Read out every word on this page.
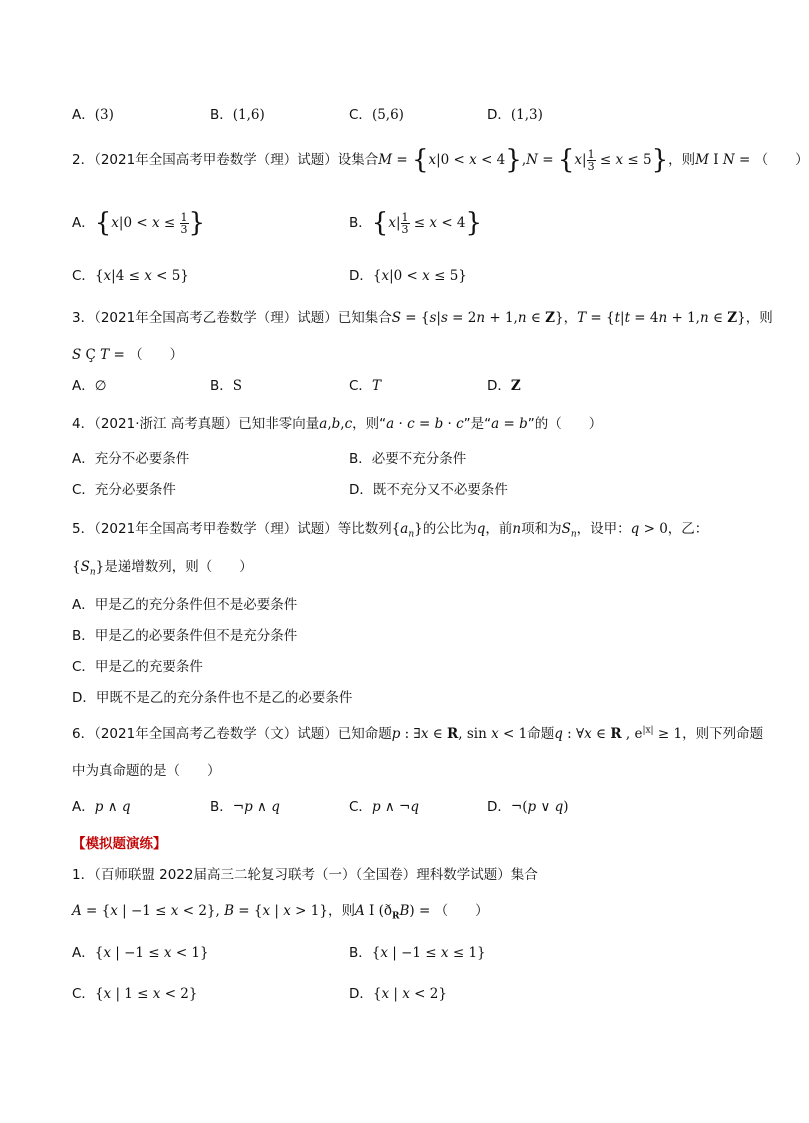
A．(3)	B．(1,6)	C．(5,6)	D．(1,3)
2．（2021年全国高考甲卷数学（理）试题）设集合$M = \{x|0 < x < 4\},N = \{x| \frac{1}{3} \le x \le 5\}$，则M Ⅰ N = （　　）
A．{$x|0 < x \le \frac{1}{3}$ }	B．$\{x| \frac{1}{3} \le x < 4\}$
C．{x|4 ≤ x < 5}	D．{x|0 < x ≤ 5}
3．（2021年全国高考乙卷数学（理）试题）已知集合S = {s|s = 2n + 1,n ∈ Z}，T = {t|t = 4n + 1,n ∈ Z}，则
S Ç T = （　　）
A．∅	B．S	C．T	D．Z
4．（2021·浙江 高考真题）已知非零向量a,b,c，则“a · c = b · c”是“a = b”的（　　）
A．充分不必要条件	B．必要不充分条件
C．充分必要条件	D．既不充分又不必要条件
5．（2021年全国高考甲卷数学（理）试题）等比数列$\{a_n\}$的公比为q，前n项和为$S_n$，设甲：q > 0，乙：
$\{S_n\}$是递增数列，则（　　）
A．甲是乙的充分条件但不是必要条件
B．甲是乙的必要条件但不是充分条件
C．甲是乙的充要条件
D．甲既不是乙的充分条件也不是乙的必要条件
6．（2021年全国高考乙卷数学（文）试题）已知命题p : ∃x ∈ R, sin x < 1命题q : ∀x ∈ R , $e^{|x|} \ge 1$，则下列命题
中为真命题的是（　　）
A．p ∧ q	B．¬p ∧ q	C．p ∧ ¬q	D．¬(p ∨ q)
【模拟题演练】
1．（百师联盟 2022届高三二轮复习联考（一）（全国卷）理科数学试题）集合
A = {x | −1 ≤ x < 2}, B = {x | x > 1}，则A Ⅰ $(ð_RB)$ = （　　）
A．{x | −1 ≤ x < 1}	B．{x | −1 ≤ x ≤ 1}
C．{x | 1 ≤ x < 2}	D．{x | x < 2}
